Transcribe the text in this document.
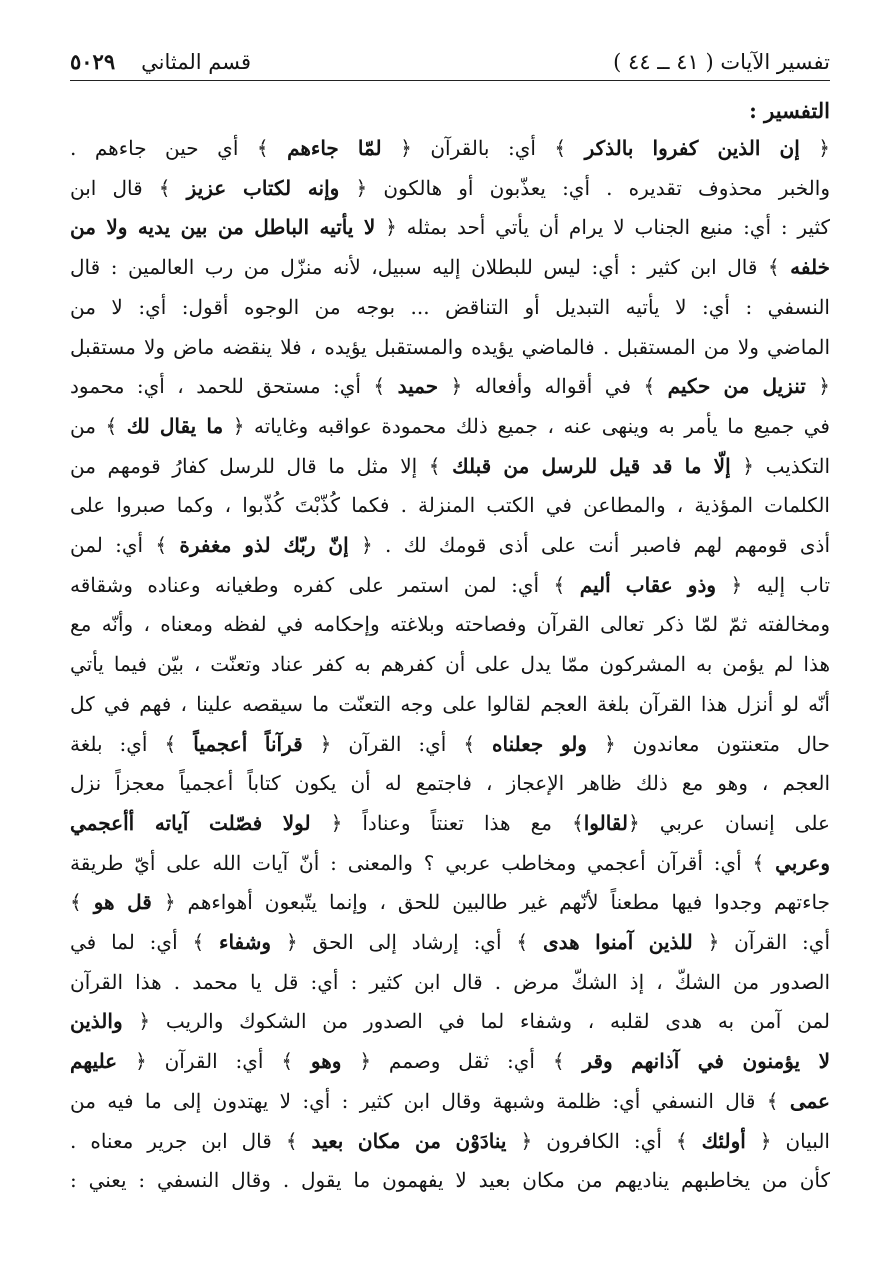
تفسير الآيات ( ٤١ ــ ٤٤ )
قسم المثاني
٥٠٢٩
التفسير :
﴿ إن الذين كفروا بالذكر ﴾ أي: بالقرآن ﴿ لمّا جاءهم ﴾ أي حين جاءهم .
والخبر محذوف تقديره . أي: يعذّبون أو هالكون ﴿ وإنه لكتاب عزيز ﴾ قال ابن
كثير : أي: منيع الجناب لا يرام أن يأتي أحد بمثله ﴿ لا يأتيه الباطل من بين يديه ولا من
خلفه ﴾ قال ابن كثير : أي: ليس للبطلان إليه سبيل، لأنه منزّل من رب العالمين : قال
النسفي : أي: لا يأتيه التبديل أو التناقض ... بوجه من الوجوه أقول: أي: لا من
الماضي ولا من المستقبل . فالماضي يؤيده والمستقبل يؤيده ، فلا ينقضه ماض ولا مستقبل
﴿ تنزيل من حكيم ﴾ في أقواله وأفعاله ﴿ حميد ﴾ أي: مستحق للحمد ، أي: محمود
في جميع ما يأمر به وينهى عنه ، جميع ذلك محمودة عواقبه وغاياته ﴿ ما يقال لك ﴾ من
التكذيب ﴿ إلّا ما قد قيل للرسل من قبلك ﴾ إلا مثل ما قال للرسل كفارُ قومهم من
الكلمات المؤذية ، والمطاعن في الكتب المنزلة . فكما كُذّبْتَ كُذّبوا ، وكما صبروا على
أذى قومهم لهم فاصبر أنت على أذى قومك لك . ﴿ إنّ ربّك لذو مغفرة ﴾ أي: لمن
تاب إليه ﴿ وذو عقاب أليم ﴾ أي: لمن استمر على كفره وطغيانه وعناده وشقاقه
ومخالفته ثمّ لمّا ذكر تعالى القرآن وفصاحته وبلاغته وإحكامه في لفظه ومعناه ، وأنّه مع
هذا لم يؤمن به المشركون ممّا يدل على أن كفرهم به كفر عناد وتعنّت ، بيّن فيما يأتي
أنّه لو أنزل هذا القرآن بلغة العجم لقالوا على وجه التعنّت ما سيقصه علينا ، فهم في كل
حال متعنتون معاندون ﴿ ولو جعلناه ﴾ أي: القرآن ﴿ قرآناً أعجمياً ﴾ أي: بلغة
العجم ، وهو مع ذلك ظاهر الإعجاز ، فاجتمع له أن يكون كتاباً أعجمياً معجزاً نزل
على إنسان عربي ﴿لقالوا﴾ مع هذا تعنتاً وعناداً ﴿ لولا فصّلت آياته أأعجمي
وعربي ﴾ أي: أقرآن أعجمي ومخاطب عربي ؟ والمعنى : أنّ آيات الله على أيّ طريقة
جاءتهم وجدوا فيها مطعناً لأنّهم غير طالبين للحق ، وإنما يتّبعون أهواءهم ﴿ قل هو ﴾
أي: القرآن ﴿ للذين آمنوا هدى ﴾ أي: إرشاد إلى الحق ﴿ وشفاء ﴾ أي: لما في
الصدور من الشكّ ، إذ الشكّ مرض . قال ابن كثير : أي: قل يا محمد . هذا القرآن
لمن آمن به هدى لقلبه ، وشفاء لما في الصدور من الشكوك والريب ﴿ والذين
لا يؤمنون في آذانهم وقر ﴾ أي: ثقل وصمم ﴿ وهو ﴾ أي: القرآن ﴿ عليهم
عمى ﴾ قال النسفي أي: ظلمة وشبهة وقال ابن كثير : أي: لا يهتدون إلى ما فيه من
البيان ﴿ أولئك ﴾ أي: الكافرون ﴿ ينادَوْن من مكان بعيد ﴾ قال ابن جرير معناه .
كأن من يخاطبهم يناديهم من مكان بعيد لا يفهمون ما يقول . وقال النسفي : يعني :
